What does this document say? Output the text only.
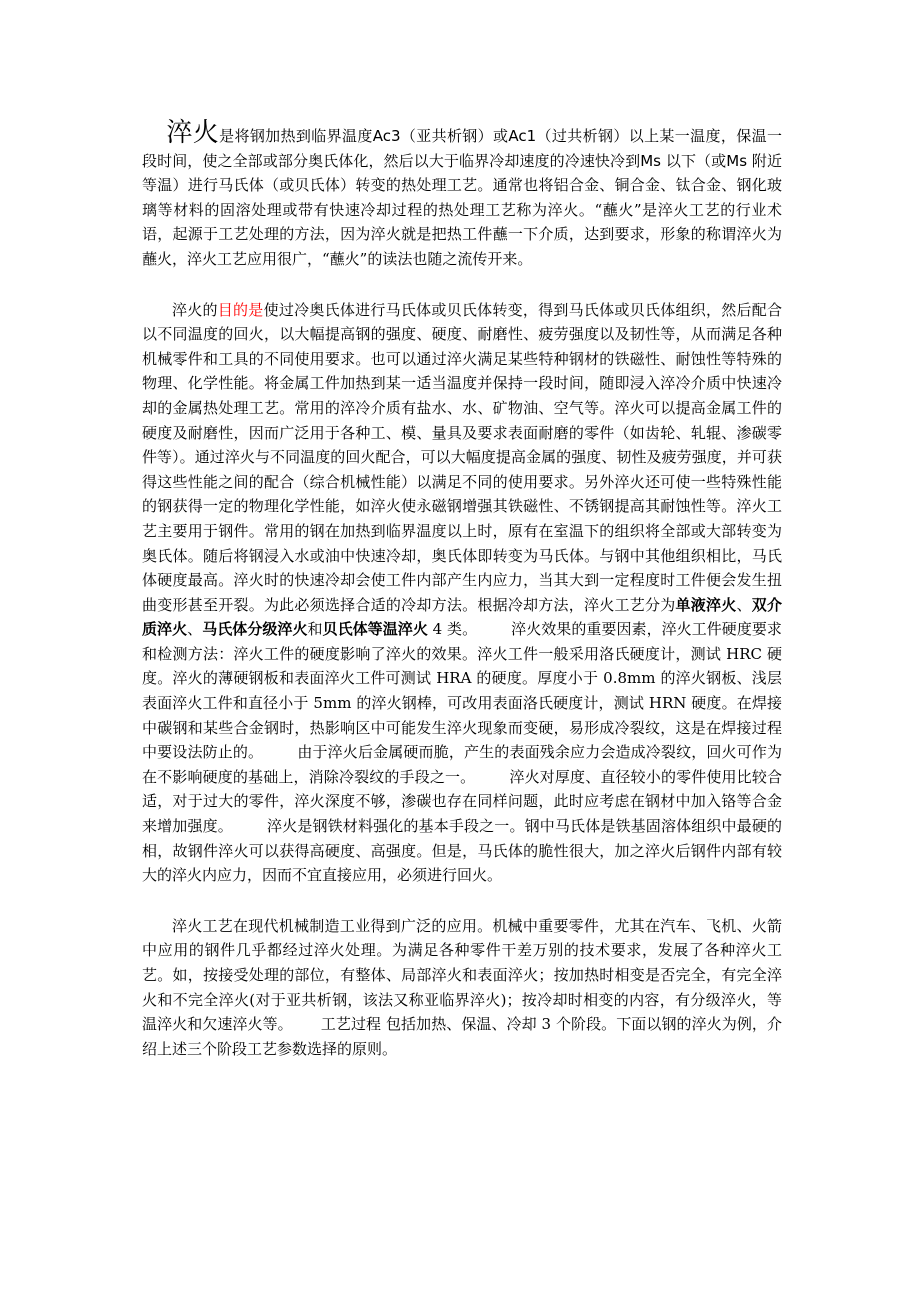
淬火是将钢加热到临界温度Ac3（亚共析钢）或Ac1（过共析钢）以上某一温度，保温一段时间，使之全部或部分奥氏体化，然后以大于临界冷却速度的冷速快冷到Ms 以下（或Ms 附近等温）进行马氏体（或贝氏体）转变的热处理工艺。通常也将铝合金、铜合金、钛合金、钢化玻璃等材料的固溶处理或带有快速冷却过程的热处理工艺称为淬火。“蘸火”是淬火工艺的行业术语，起源于工艺处理的方法，因为淬火就是把热工件蘸一下介质，达到要求，形象的称谓淬火为蘸火，淬火工艺应用很广，“蘸火”的读法也随之流传开来。

淬火的目的是使过冷奥氏体进行马氏体或贝氏体转变，得到马氏体或贝氏体组织，然后配合以不同温度的回火，以大幅提高钢的强度、硬度、耐磨性、疲劳强度以及韧性等，从而满足各种机械零件和工具的不同使用要求。也可以通过淬火满足某些特种钢材的铁磁性、耐蚀性等特殊的物理、化学性能。将金属工件加热到某一适当温度并保持一段时间，随即浸入淬冷介质中快速冷却的金属热处理工艺。常用的淬冷介质有盐水、水、矿物油、空气等。淬火可以提高金属工件的硬度及耐磨性，因而广泛用于各种工、模、量具及要求表面耐磨的零件（如齿轮、轧辊、渗碳零件等）。通过淬火与不同温度的回火配合，可以大幅度提高金属的强度、韧性及疲劳强度，并可获得这些性能之间的配合（综合机械性能）以满足不同的使用要求。另外淬火还可使一些特殊性能的钢获得一定的物理化学性能，如淬火使永磁钢增强其铁磁性、不锈钢提高其耐蚀性等。淬火工艺主要用于钢件。常用的钢在加热到临界温度以上时，原有在室温下的组织将全部或大部转变为奥氏体。随后将钢浸入水或油中快速冷却，奥氏体即转变为马氏体。与钢中其他组织相比，马氏体硬度最高。淬火时的快速冷却会使工件内部产生内应力，当其大到一定程度时工件便会发生扭曲变形甚至开裂。为此必须选择合适的冷却方法。根据冷却方法，淬火工艺分为单液淬火、双介质淬火、马氏体分级淬火和贝氏体等温淬火 4 类。 淬火效果的重要因素，淬火工件硬度要求和检测方法：淬火工件的硬度影响了淬火的效果。淬火工件一般采用洛氏硬度计，测试 HRC 硬度。淬火的薄硬钢板和表面淬火工件可测试 HRA 的硬度。厚度小于 0.8mm 的淬火钢板、浅层表面淬火工件和直径小于 5mm 的淬火钢棒，可改用表面洛氏硬度计，测试 HRN 硬度。在焊接中碳钢和某些合金钢时，热影响区中可能发生淬火现象而变硬，易形成冷裂纹，这是在焊接过程中要设法防止的。 由于淬火后金属硬而脆，产生的表面残余应力会造成冷裂纹，回火可作为在不影响硬度的基础上，消除冷裂纹的手段之一。 淬火对厚度、直径较小的零件使用比较合适，对于过大的零件，淬火深度不够，渗碳也存在同样问题，此时应考虑在钢材中加入铬等合金来增加强度。 淬火是钢铁材料强化的基本手段之一。钢中马氏体是铁基固溶体组织中最硬的相，故钢件淬火可以获得高硬度、高强度。但是，马氏体的脆性很大，加之淬火后钢件内部有较大的淬火内应力，因而不宜直接应用，必须进行回火。

淬火工艺在现代机械制造工业得到广泛的应用。机械中重要零件，尤其在汽车、飞机、火箭中应用的钢件几乎都经过淬火处理。为满足各种零件干差万别的技术要求，发展了各种淬火工艺。如，按接受处理的部位，有整体、局部淬火和表面淬火；按加热时相变是否完全，有完全淬火和不完全淬火(对于亚共析钢，该法又称亚临界淬火)；按冷却时相变的内容，有分级淬火，等温淬火和欠速淬火等。 工艺过程 包括加热、保温、冷却 3 个阶段。下面以钢的淬火为例，介绍上述三个阶段工艺参数选择的原则。
